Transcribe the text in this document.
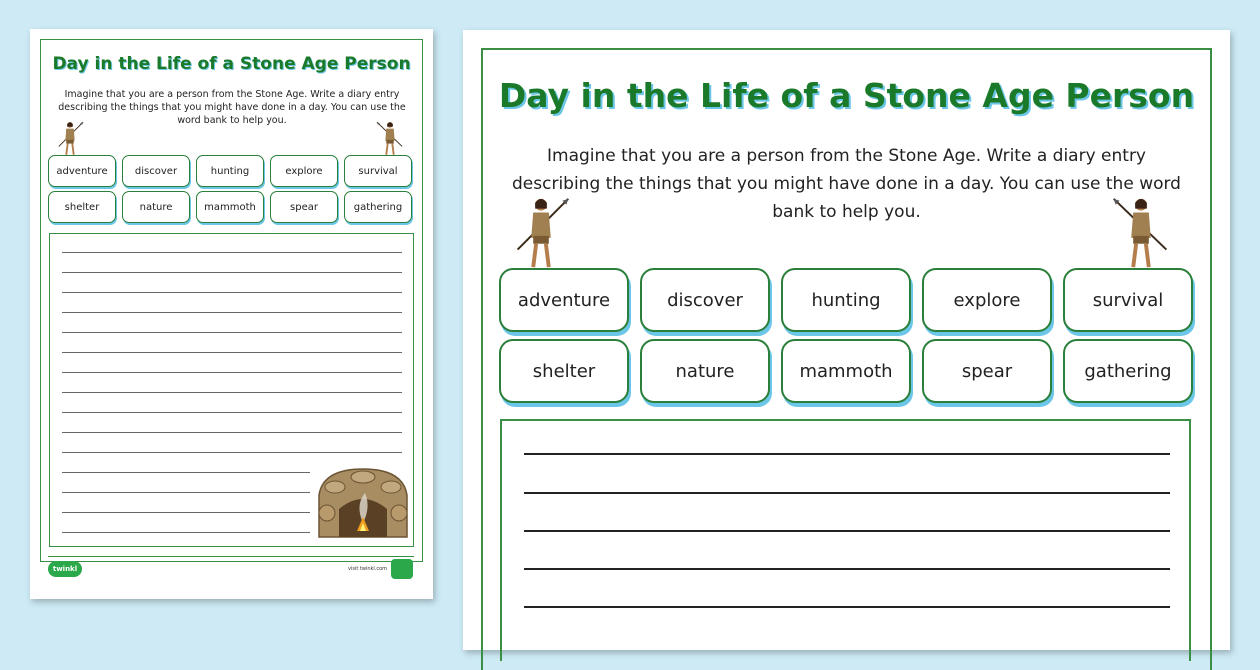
Day in the Life of a Stone Age Person
Imagine that you are a person from the Stone Age. Write a diary entry describing the things that you might have done in a day. You can use the word bank to help you.
adventure	discover	hunting	explore	survival
shelter	nature	mammoth	spear	gathering
twinkl	visit twinkl.com
Day in the Life of a Stone Age Person
Imagine that you are a person from the Stone Age. Write a diary entry describing the things that you might have done in a day. You can use the word bank to help you.
adventure	discover	hunting	explore	survival
shelter	nature	mammoth	spear	gathering
